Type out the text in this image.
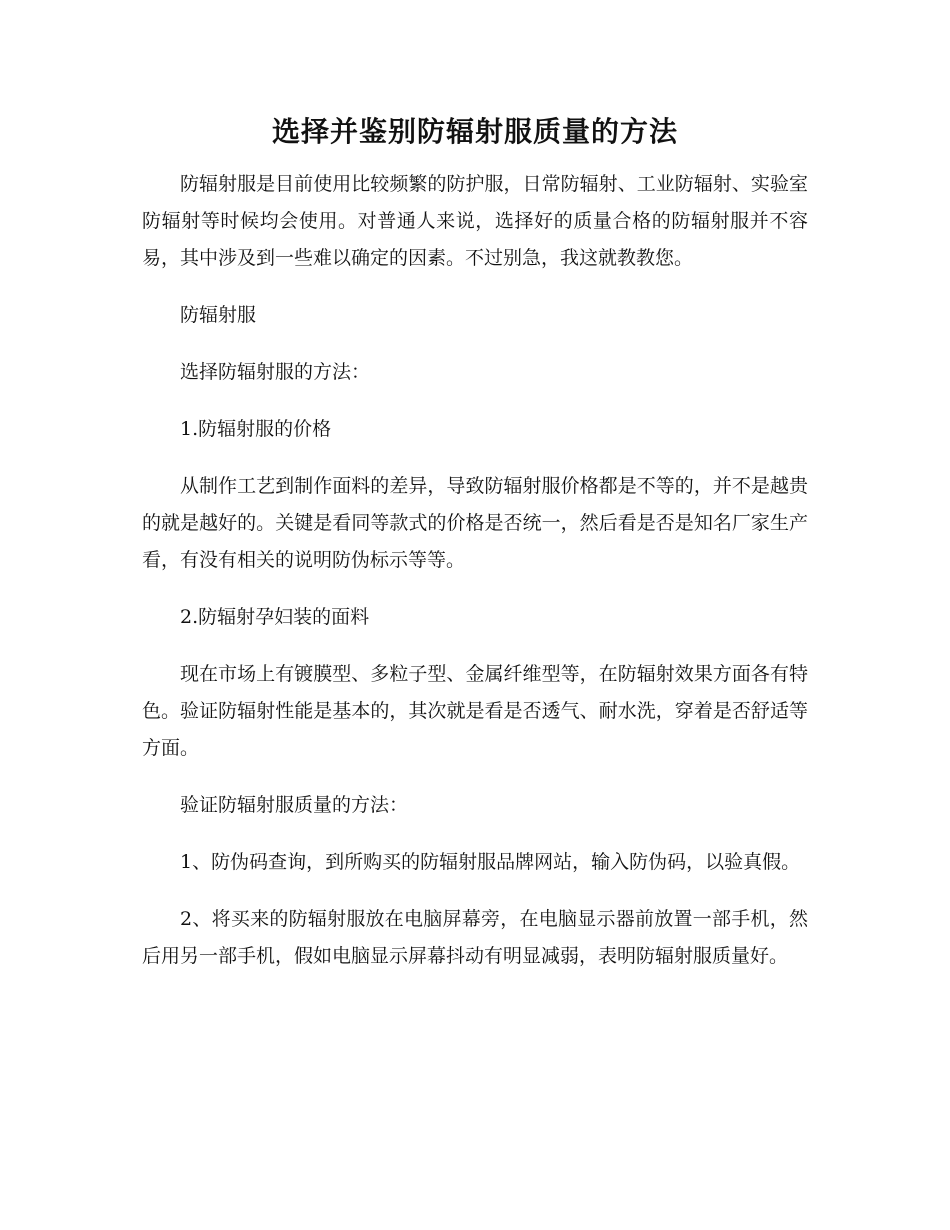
选择并鉴别防辐射服质量的方法

防辐射服是目前使用比较频繁的防护服，日常防辐射、工业防辐射、实验室防辐射等时候均会使用。对普通人来说，选择好的质量合格的防辐射服并不容易，其中涉及到一些难以确定的因素。不过别急，我这就教教您。

防辐射服

选择防辐射服的方法：

1.防辐射服的价格

从制作工艺到制作面料的差异，导致防辐射服价格都是不等的，并不是越贵的就是越好的。关键是看同等款式的价格是否统一，然后看是否是知名厂家生产看，有没有相关的说明防伪标示等等。

2.防辐射孕妇装的面料

现在市场上有镀膜型、多粒子型、金属纤维型等，在防辐射效果方面各有特色。验证防辐射性能是基本的，其次就是看是否透气、耐水洗，穿着是否舒适等方面。

验证防辐射服质量的方法：

1、防伪码查询，到所购买的防辐射服品牌网站，输入防伪码，以验真假。

2、将买来的防辐射服放在电脑屏幕旁，在电脑显示器前放置一部手机，然后用另一部手机，假如电脑显示屏幕抖动有明显减弱，表明防辐射服质量好。
